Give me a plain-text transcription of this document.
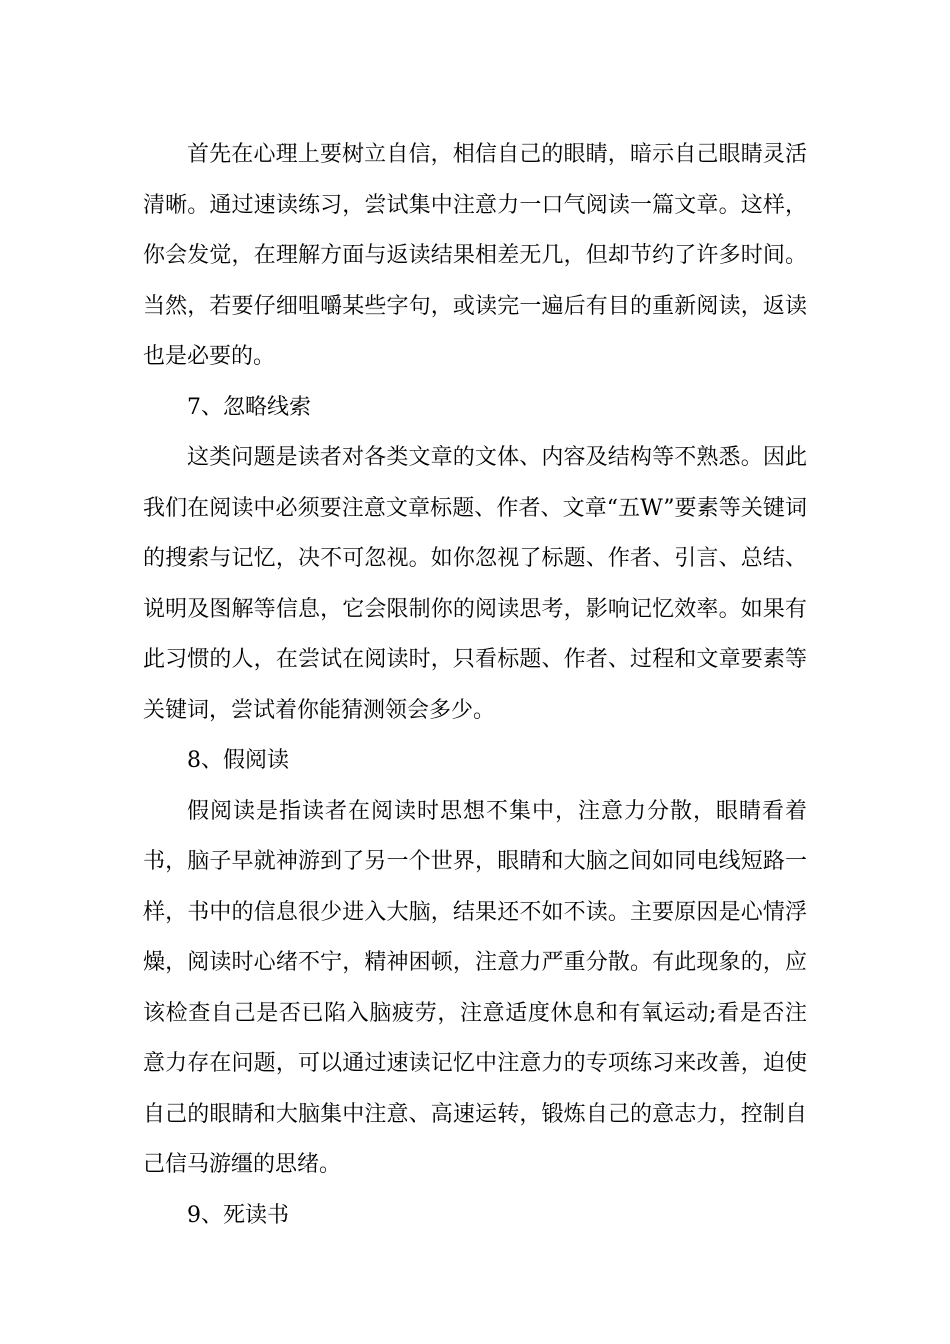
首先在心理上要树立自信，相信自己的眼睛，暗示自己眼睛灵活清晰。通过速读练习，尝试集中注意力一口气阅读一篇文章。这样，你会发觉，在理解方面与返读结果相差无几，但却节约了许多时间。当然，若要仔细咀嚼某些字句，或读完一遍后有目的重新阅读，返读也是必要的。

7、忽略线索

这类问题是读者对各类文章的文体、内容及结构等不熟悉。因此我们在阅读中必须要注意文章标题、作者、文章“五W”要素等关键词的搜索与记忆，决不可忽视。如你忽视了标题、作者、引言、总结、说明及图解等信息，它会限制你的阅读思考，影响记忆效率。如果有此习惯的人，在尝试在阅读时，只看标题、作者、过程和文章要素等关键词，尝试着你能猜测领会多少。

8、假阅读

假阅读是指读者在阅读时思想不集中，注意力分散，眼睛看着书，脑子早就神游到了另一个世界，眼睛和大脑之间如同电线短路一样，书中的信息很少进入大脑，结果还不如不读。主要原因是心情浮燥，阅读时心绪不宁，精神困顿，注意力严重分散。有此现象的，应该检查自己是否已陷入脑疲劳，注意适度休息和有氧运动;看是否注意力存在问题，可以通过速读记忆中注意力的专项练习来改善，迫使自己的眼睛和大脑集中注意、高速运转，锻炼自己的意志力，控制自己信马游缰的思绪。

9、死读书
